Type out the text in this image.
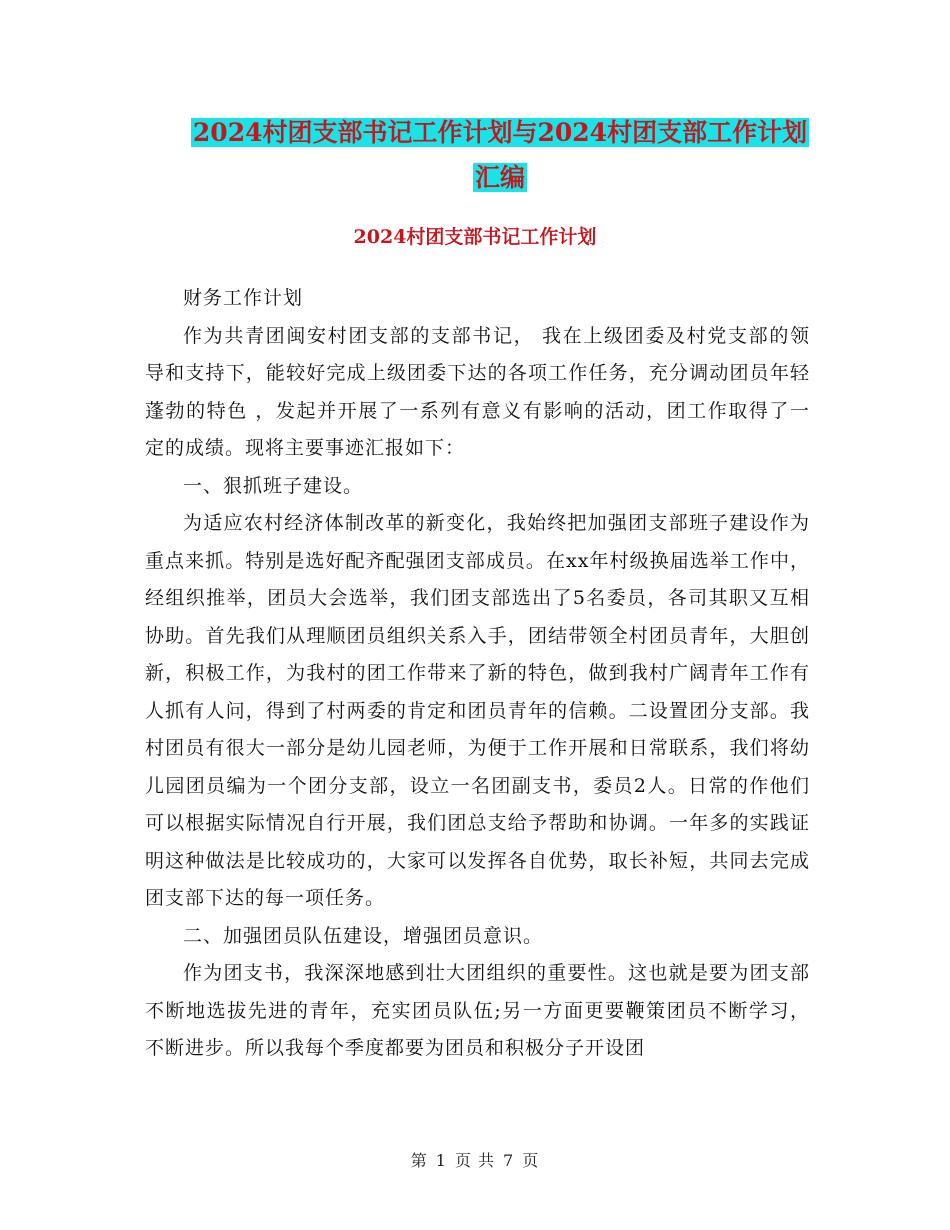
2024村团支部书记工作计划与2024村团支部工作计划
汇编
2024村团支部书记工作计划

财务工作计划

作为共青团闽安村团支部的支部书记， 我在上级团委及村党支部的领导和支持下，能较好完成上级团委下达的各项工作任务，充分调动团员年轻蓬勃的特色 ，发起并开展了一系列有意义有影响的活动，团工作取得了一定的成绩。现将主要事迹汇报如下：

一、狠抓班子建设。

为适应农村经济体制改革的新变化，我始终把加强团支部班子建设作为重点来抓。特别是选好配齐配强团支部成员。在xx年村级换届选举工作中，经组织推举，团员大会选举，我们团支部选出了5名委员，各司其职又互相协助。首先我们从理顺团员组织关系入手，团结带领全村团员青年，大胆创新，积极工作，为我村的团工作带来了新的特色，做到我村广阔青年工作有人抓有人问，得到了村两委的肯定和团员青年的信赖。二设置团分支部。我村团员有很大一部分是幼儿园老师，为便于工作开展和日常联系，我们将幼儿园团员编为一个团分支部，设立一名团副支书，委员2人。日常的作他们可以根据实际情况自行开展，我们团总支给予帮助和协调。一年多的实践证明这种做法是比较成功的，大家可以发挥各自优势，取长补短，共同去完成团支部下达的每一项任务。

二、加强团员队伍建设，增强团员意识。

作为团支书，我深深地感到壮大团组织的重要性。这也就是要为团支部不断地选拔先进的青年，充实团员队伍;另一方面更要鞭策团员不断学习，不断进步。所以我每个季度都要为团员和积极分子开设团

第 1 页 共 7 页
